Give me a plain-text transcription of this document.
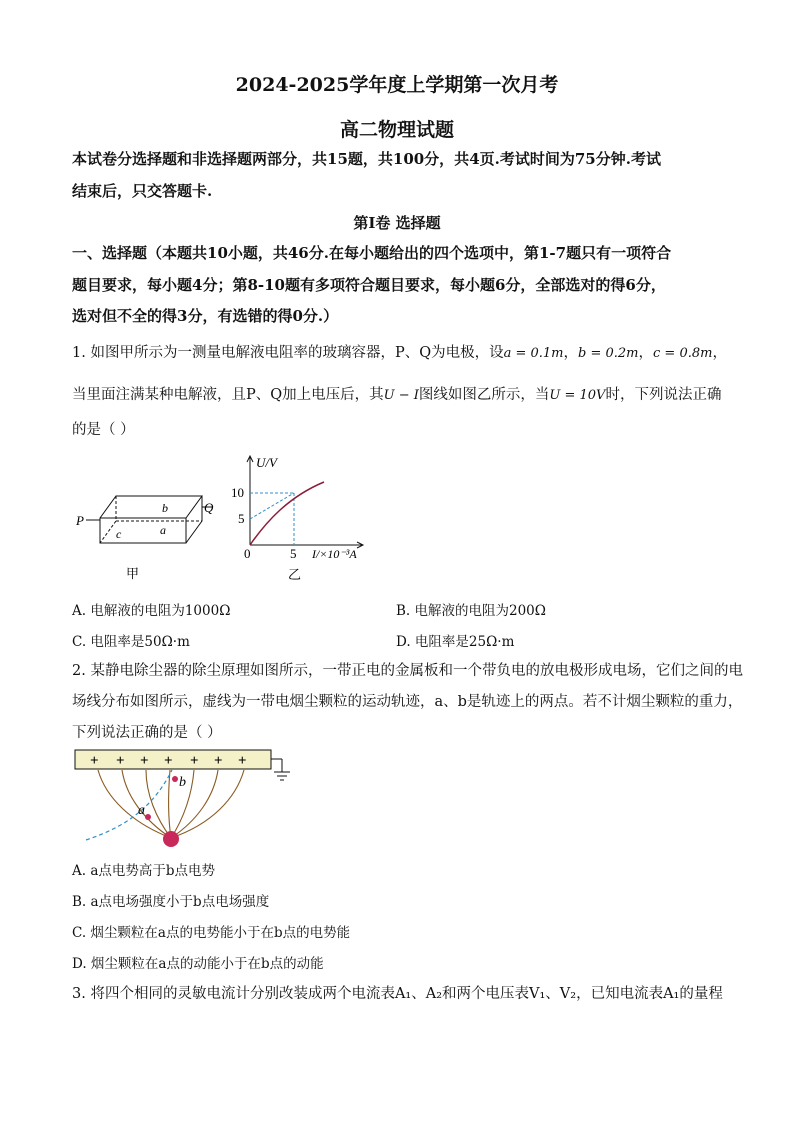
2024-2025学年度上学期第一次月考
高二物理试题
本试卷分选择题和非选择题两部分，共15题，共100分，共4页.考试时间为75分钟.考试
结束后，只交答题卡.
第Ⅰ卷 选择题
一、选择题（本题共10小题，共46分.在每小题给出的四个选项中，第1-7题只有一项符合
题目要求，每小题4分；第8-10题有多项符合题目要求，每小题6分，全部选对的得6分，
选对但不全的得3分，有选错的得0分.）
1. 如图甲所示为一测量电解液电阻率的玻璃容器，P、Q为电极，设a = 0.1m，b = 0.2m，c = 0.8m，
当里面注满某种电解液，且P、Q加上电压后，其U − I图线如图乙所示，当U = 10V时，下列说法正确
的是（ ）
P
Q
b
a
c
甲
U/V
10
5
0	5 I/×10⁻³A
乙
A. 电解液的电阻为1000Ω	B. 电解液的电阻为200Ω
C. 电阻率是50Ω·m	D. 电阻率是25Ω·m
2. 某静电除尘器的除尘原理如图所示，一带正电的金属板和一个带负电的放电极形成电场，它们之间的电
场线分布如图所示，虚线为一带电烟尘颗粒的运动轨迹，a、b是轨迹上的两点。若不计烟尘颗粒的重力，
下列说法正确的是（ ）
+ + + + + + +
a
b
A. a点电势高于b点电势
B. a点电场强度小于b点电场强度
C. 烟尘颗粒在a点的电势能小于在b点的电势能
D. 烟尘颗粒在a点的动能小于在b点的动能
3. 将四个相同的灵敏电流计分别改装成两个电流表A₁、A₂和两个电压表V₁、V₂，已知电流表A₁的量程
